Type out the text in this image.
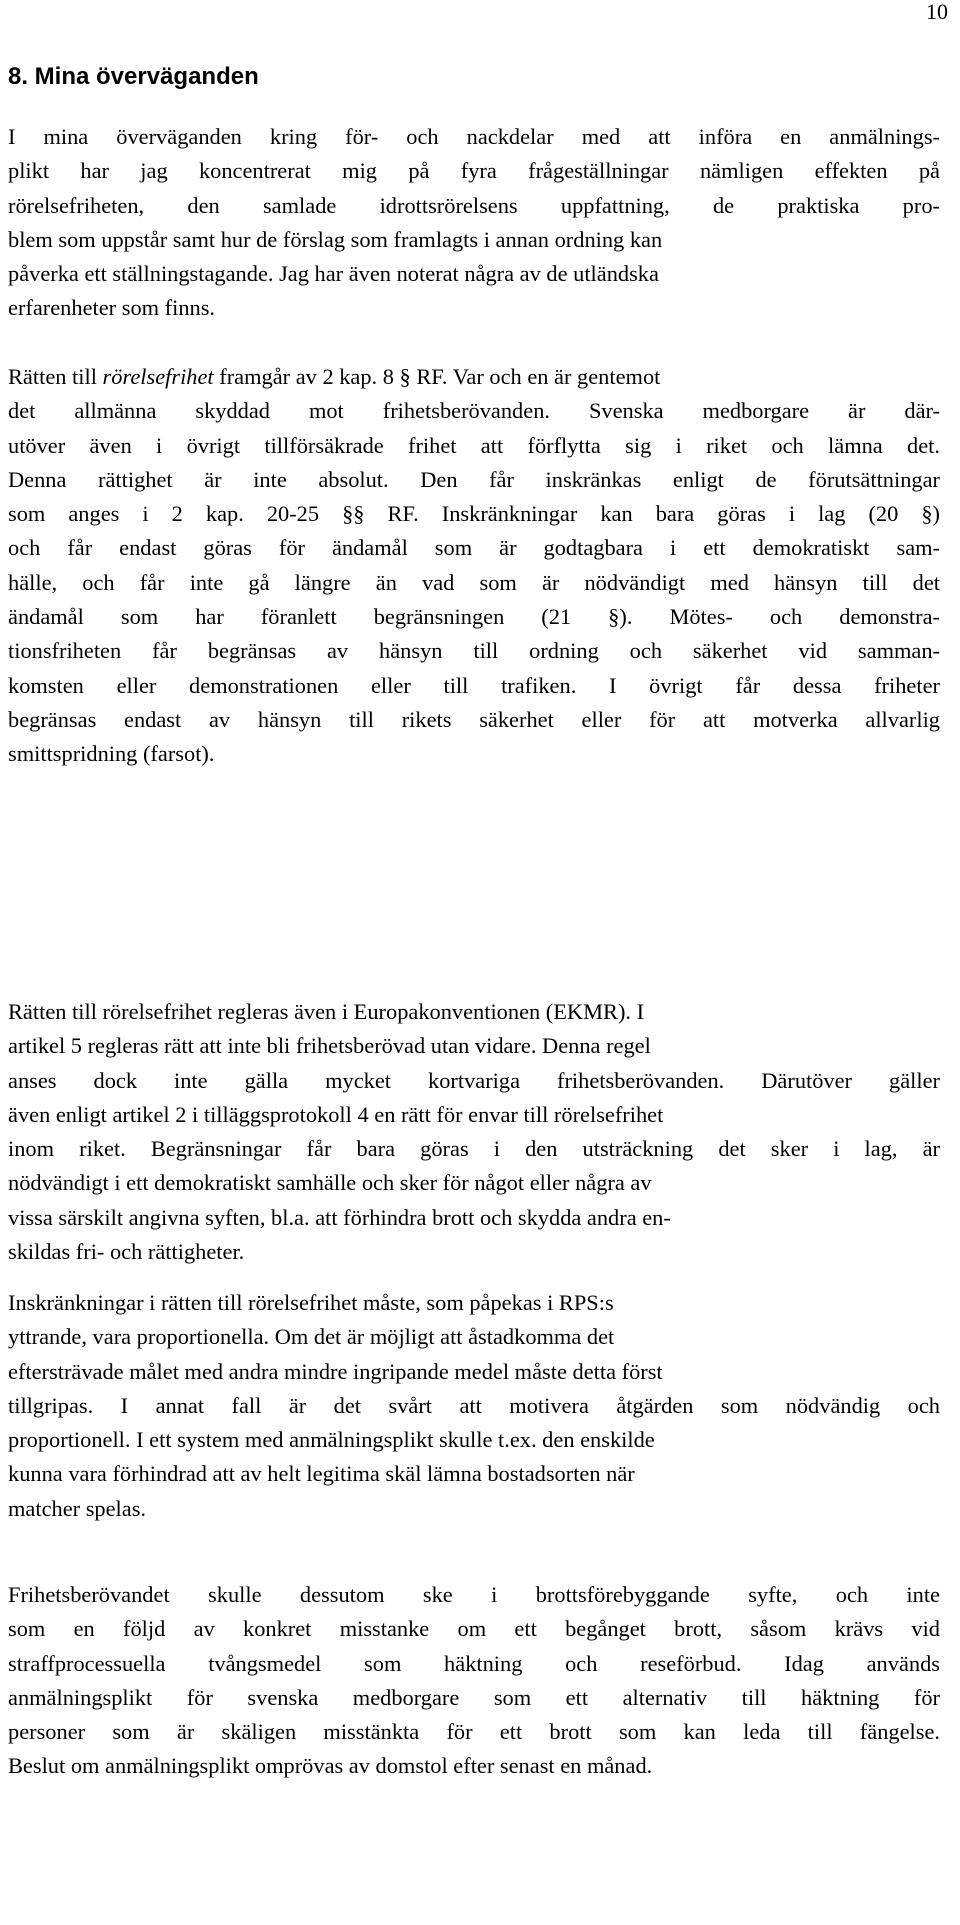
10
8. Mina överväganden

I mina överväganden kring för- och nackdelar med att införa en anmälnings-
plikt har jag koncentrerat mig på fyra frågeställningar nämligen effekten på
rörelsefriheten, den samlade idrottsrörelsens uppfattning, de praktiska pro-
blem som uppstår samt hur de förslag som framlagts i annan ordning kan
påverka ett ställningstagande. Jag har även noterat några av de utländska
erfarenheter som finns.

Rätten till rörelsefrihet framgår av 2 kap. 8 § RF. Var och en är gentemot
det allmänna skyddad mot frihetsberövanden. Svenska medborgare är där-
utöver även i övrigt tillförsäkrade frihet att förflytta sig i riket och lämna det.
Denna rättighet är inte absolut. Den får inskränkas enligt de förutsättningar
som anges i 2 kap. 20-25 §§ RF. Inskränkningar kan bara göras i lag (20 §)
och får endast göras för ändamål som är godtagbara i ett demokratiskt sam-
hälle, och får inte gå längre än vad som är nödvändigt med hänsyn till det
ändamål som har föranlett begränsningen (21 §). Mötes- och demonstra-
tionsfriheten får begränsas av hänsyn till ordning och säkerhet vid samman-
komsten eller demonstrationen eller till trafiken. I övrigt får dessa friheter
begränsas endast av hänsyn till rikets säkerhet eller för att motverka allvarlig
smittspridning (farsot).

Rätten till rörelsefrihet regleras även i Europakonventionen (EKMR). I
artikel 5 regleras rätt att inte bli frihetsberövad utan vidare. Denna regel
anses dock inte gälla mycket kortvariga frihetsberövanden. Därutöver gäller
även enligt artikel 2 i tilläggsprotokoll 4 en rätt för envar till rörelsefrihet
inom riket. Begränsningar får bara göras i den utsträckning det sker i lag, är
nödvändigt i ett demokratiskt samhälle och sker för något eller några av
vissa särskilt angivna syften, bl.a. att förhindra brott och skydda andra en-
skildas fri- och rättigheter.

Inskränkningar i rätten till rörelsefrihet måste, som påpekas i RPS:s
yttrande, vara proportionella. Om det är möjligt att åstadkomma det
eftersträvade målet med andra mindre ingripande medel måste detta först
tillgripas. I annat fall är det svårt att motivera åtgärden som nödvändig och
proportionell. I ett system med anmälningsplikt skulle t.ex. den enskilde
kunna vara förhindrad att av helt legitima skäl lämna bostadsorten när
matcher spelas.

Frihetsberövandet skulle dessutom ske i brottsförebyggande syfte, och inte
som en följd av konkret misstanke om ett begånget brott, såsom krävs vid
straffprocessuella tvångsmedel som häktning och reseförbud. Idag används
anmälningsplikt för svenska medborgare som ett alternativ till häktning för
personer som är skäligen misstänkta för ett brott som kan leda till fängelse.
Beslut om anmälningsplikt omprövas av domstol efter senast en månad.
